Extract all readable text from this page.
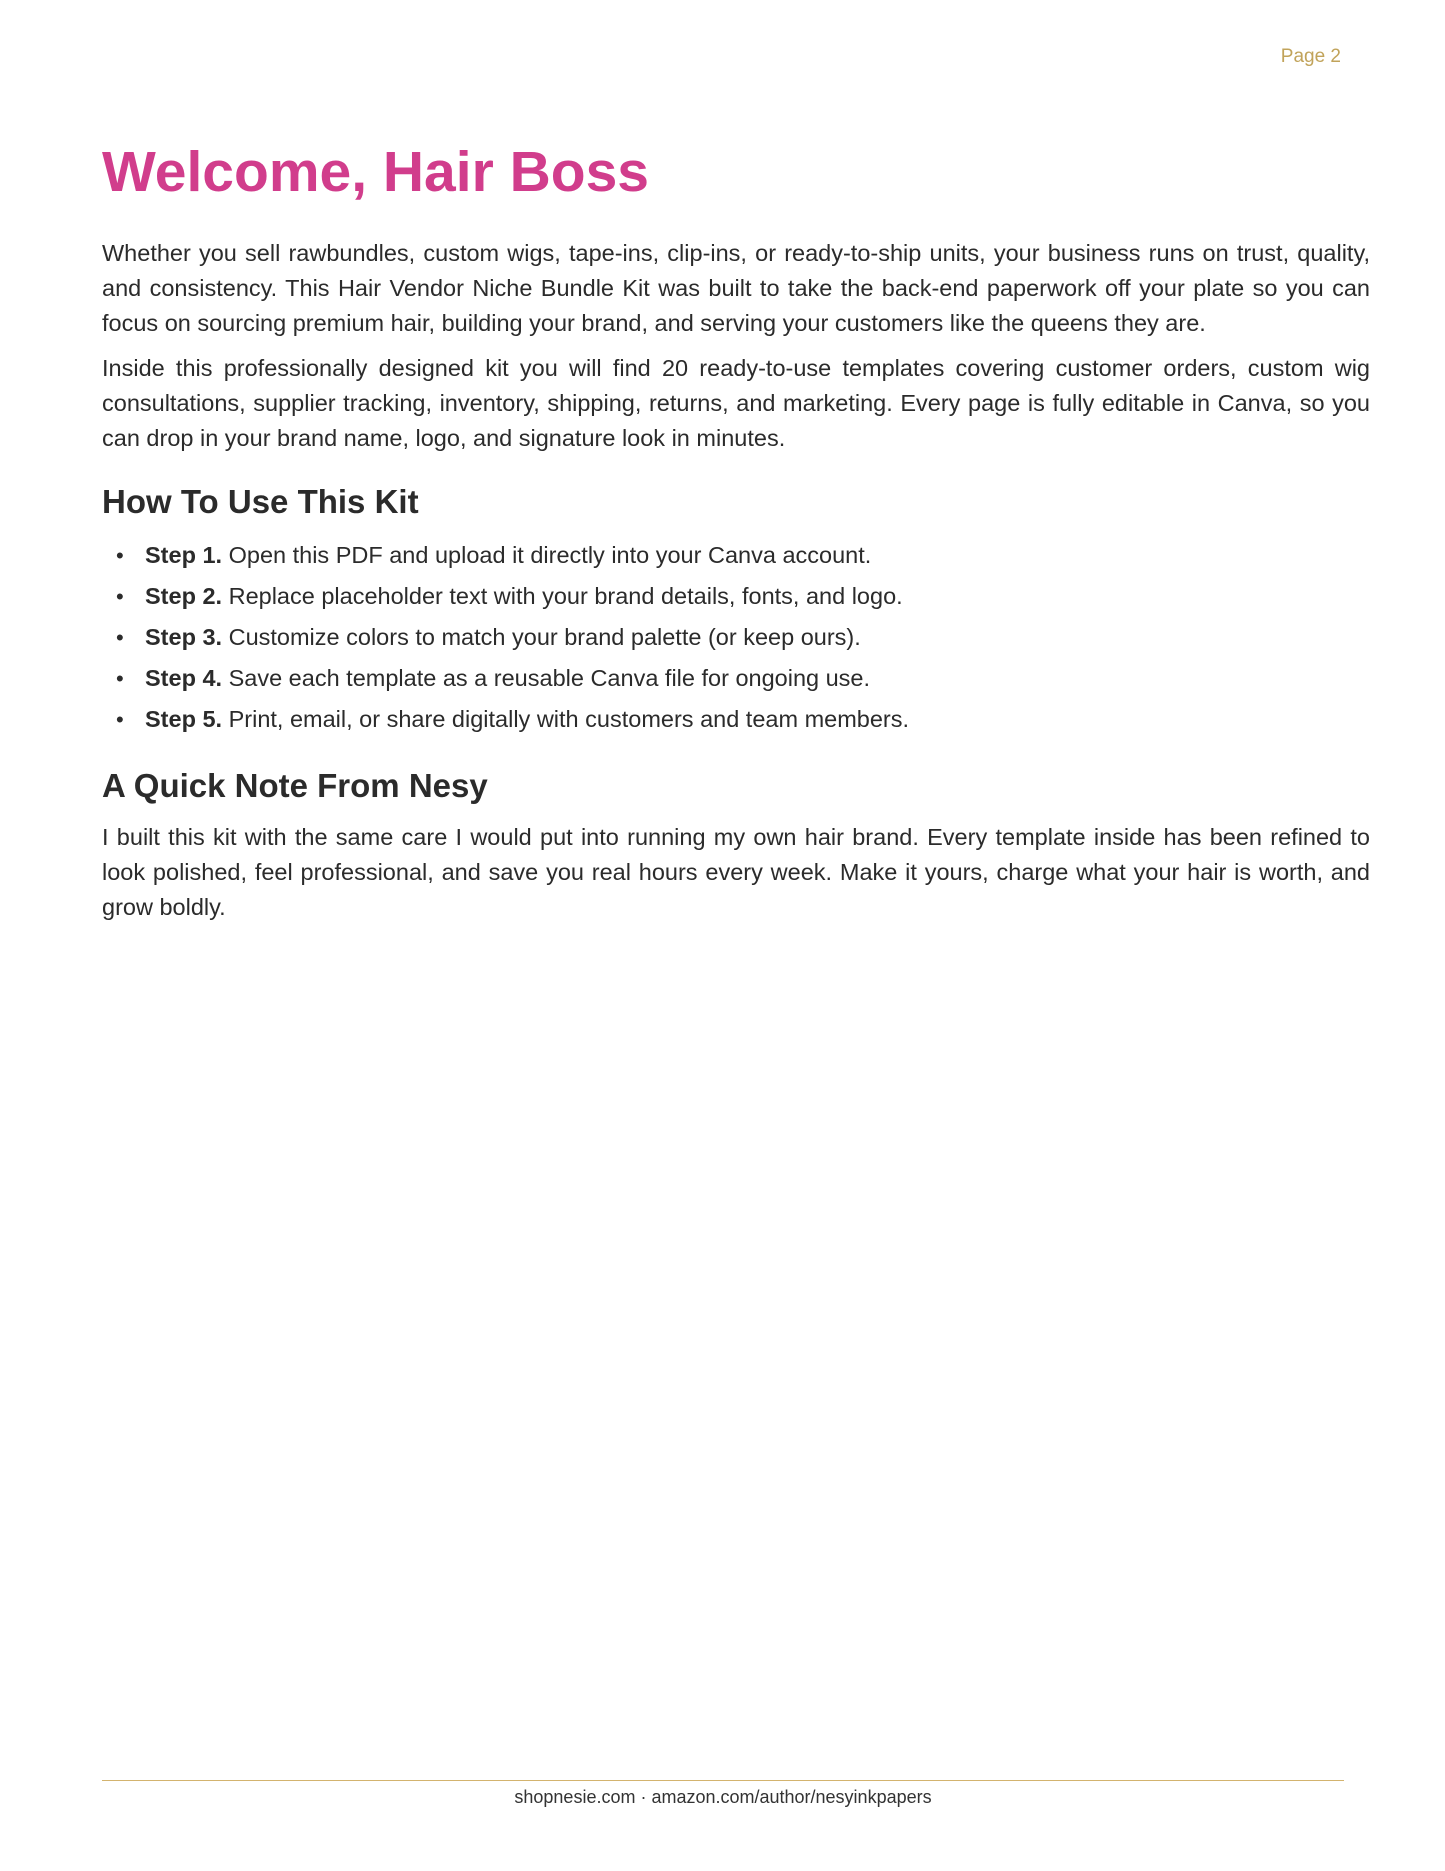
Page 2
Welcome, Hair Boss

Whether you sell rawbundles, custom wigs, tape-ins, clip-ins, or ready-to-ship units, your business runs on trust, quality, and consistency. This Hair Vendor Niche Bundle Kit was built to take the back-end paperwork off your plate so you can focus on sourcing premium hair, building your brand, and serving your customers like the queens they are.

Inside this professionally designed kit you will find 20 ready-to-use templates covering customer orders, custom wig consultations, supplier tracking, inventory, shipping, returns, and marketing. Every page is fully editable in Canva, so you can drop in your brand name, logo, and signature look in minutes.

How To Use This Kit
• Step 1. Open this PDF and upload it directly into your Canva account.
• Step 2. Replace placeholder text with your brand details, fonts, and logo.
• Step 3. Customize colors to match your brand palette (or keep ours).
• Step 4. Save each template as a reusable Canva file for ongoing use.
• Step 5. Print, email, or share digitally with customers and team members.
A Quick Note From Nesy

I built this kit with the same care I would put into running my own hair brand. Every template inside has been refined to look polished, feel professional, and save you real hours every week. Make it yours, charge what your hair is worth, and grow boldly.

shopnesie.com · amazon.com/author/nesyinkpapers
